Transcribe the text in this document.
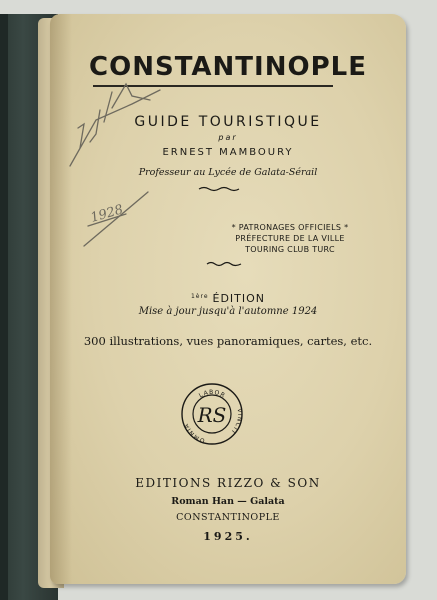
CONSTANTINOPLE

GUIDE TOURISTIQUE

par

ERNEST MAMBOURY

Professeur au Lycée de Galata-Sérail

* PATRONAGES OFFICIELS *

PRÉFECTURE DE LA VILLE

TOURING CLUB TURC

$^{1ère}$ ÉDITION

Mise à jour jusqu'à l'automne 1924

300 illustrations, vues panoramiques, cartes, etc.

LABOR
OMNIA
VINCIT
RS

EDITIONS RIZZO & SON

Roman Han — Galata

CONSTANTINOPLE

1925.

1928
